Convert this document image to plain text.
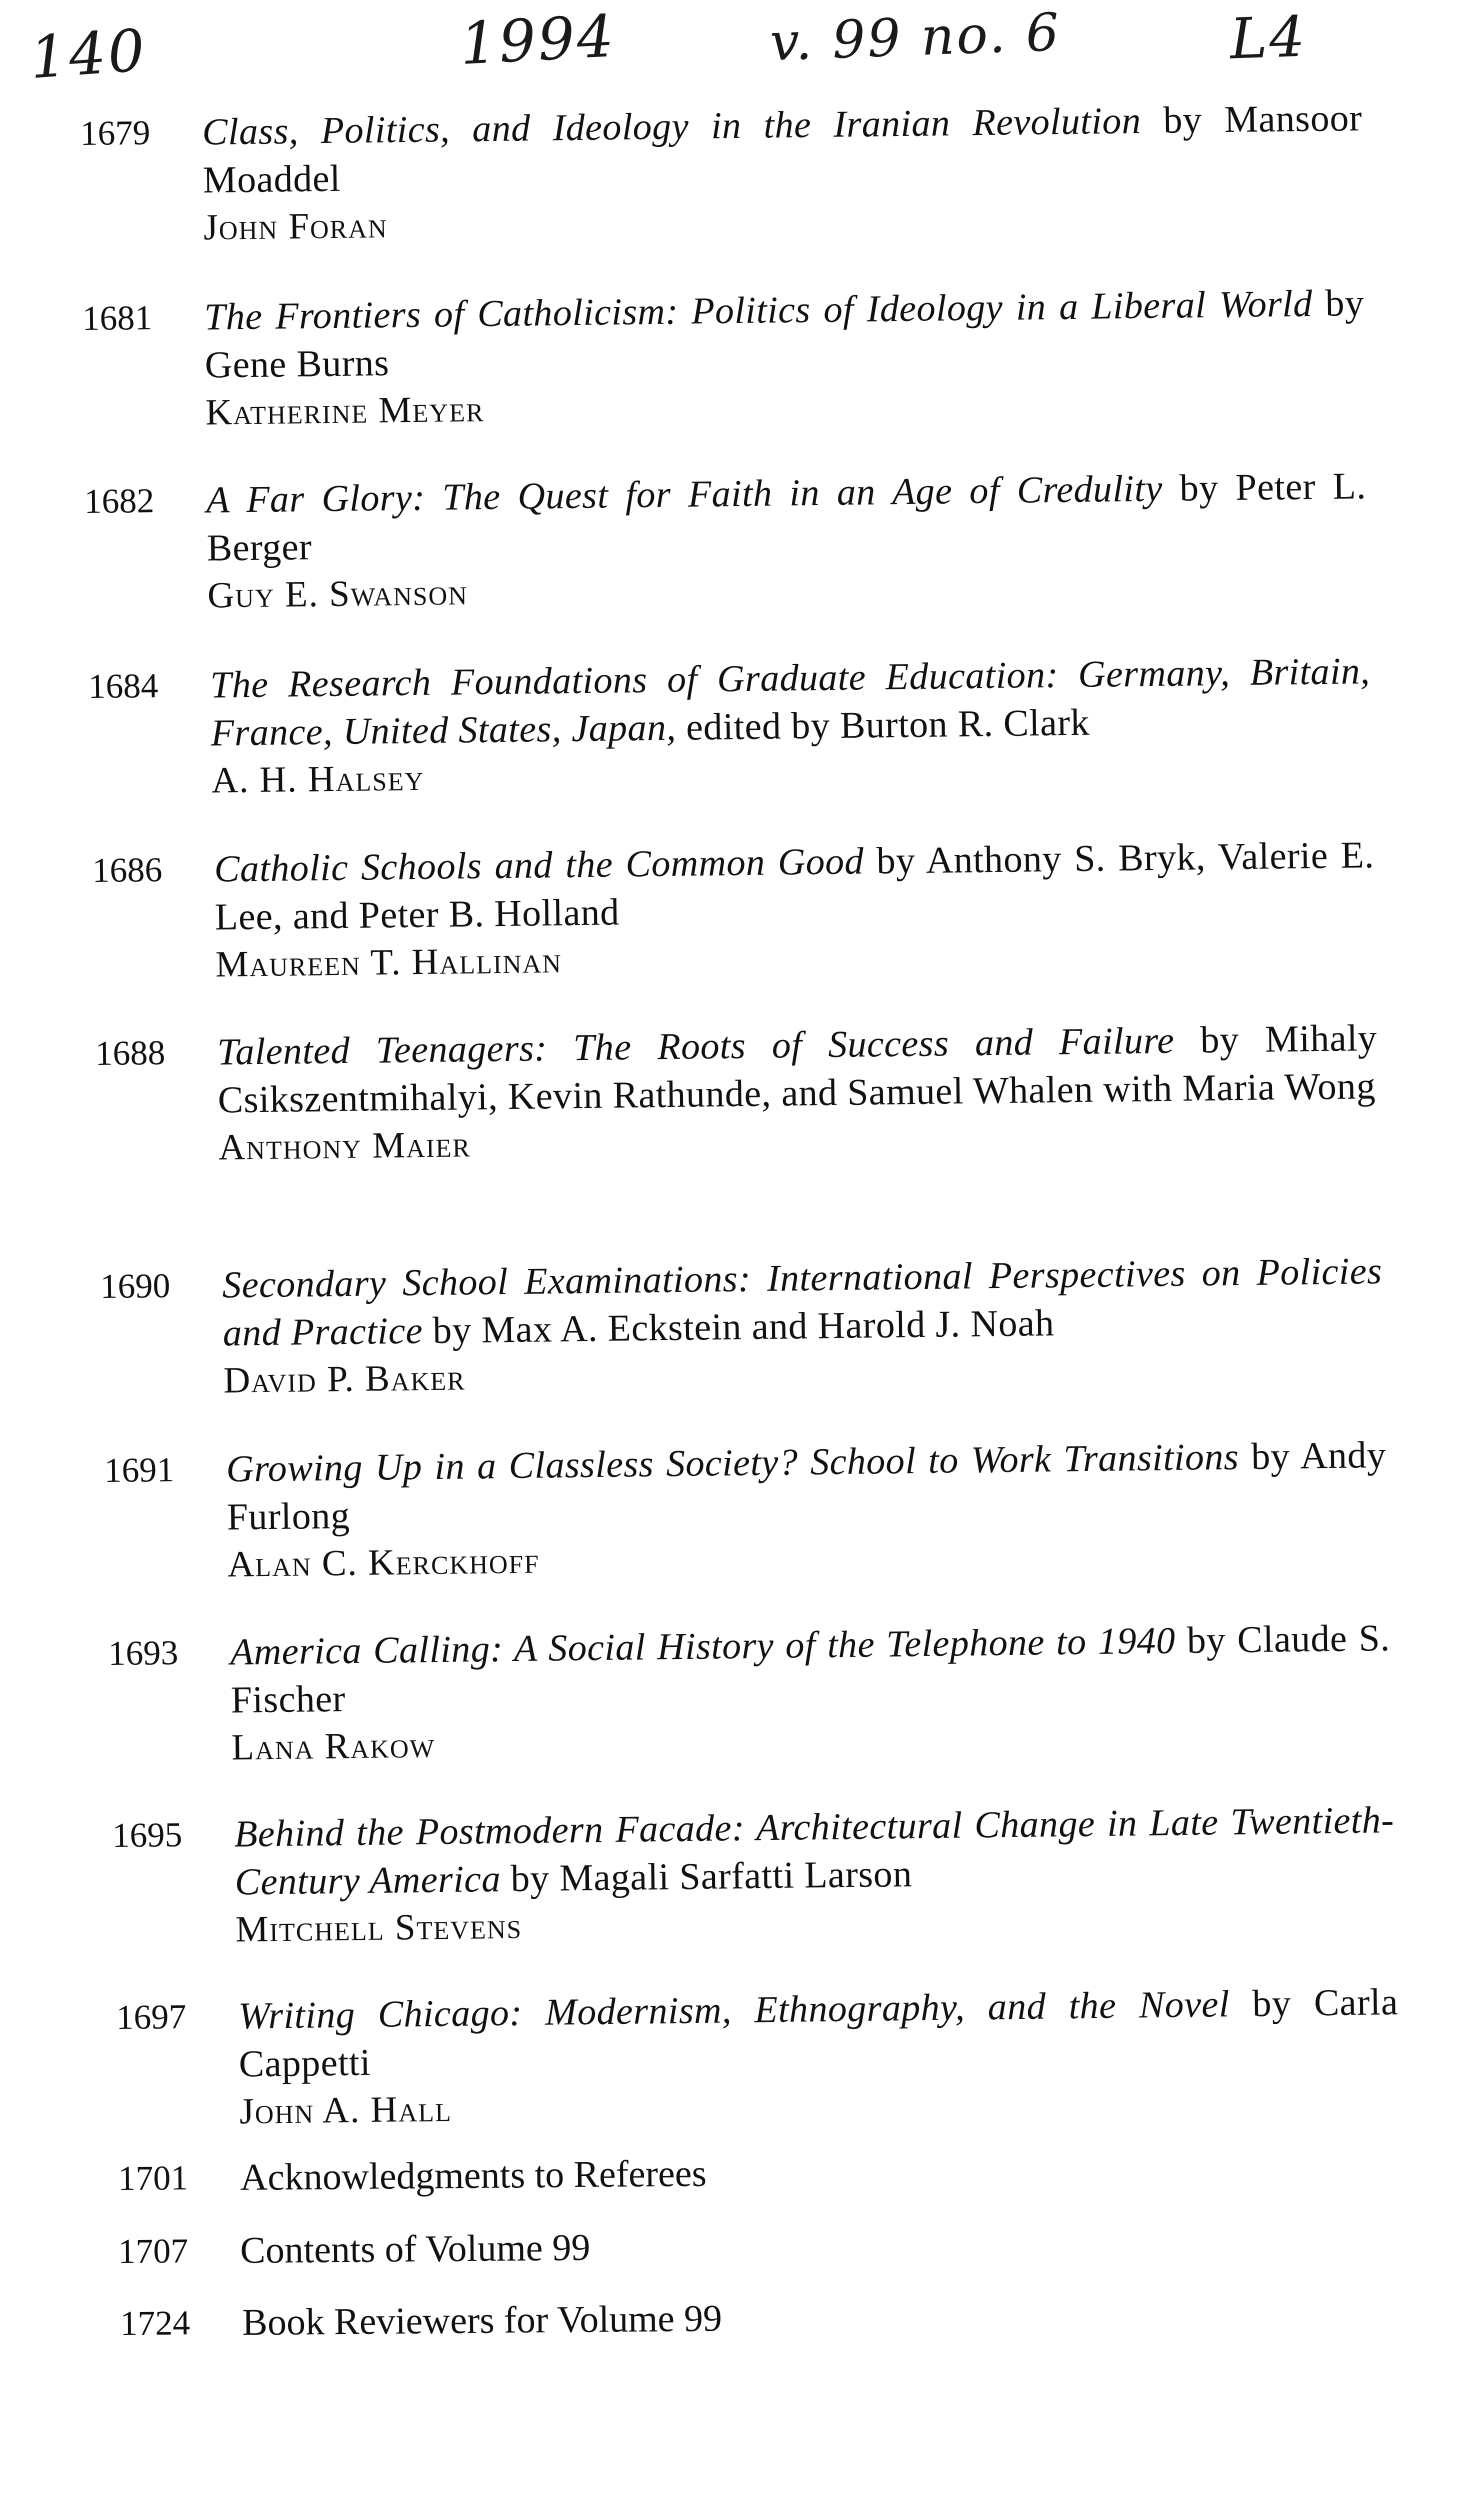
140	1994	v. 99 no. 6	L4
1679	Class, Politics, and Ideology in the Iranian Revolution by Mansoor Moaddel
John Foran
1681	The Frontiers of Catholicism: Politics of Ideology in a Liberal World by Gene Burns
Katherine Meyer
1682	A Far Glory: The Quest for Faith in an Age of Credulity by Peter L. Berger
Guy E. Swanson
1684	The Research Foundations of Graduate Education: Germany, Britain, France, United States, Japan, edited by Burton R. Clark
A. H. Halsey
1686	Catholic Schools and the Common Good by Anthony S. Bryk, Valerie E. Lee, and Peter B. Holland
Maureen T. Hallinan
1688	Talented Teenagers: The Roots of Success and Failure by Mihaly Csikszentmihalyi, Kevin Rathunde, and Samuel Whalen with Maria Wong
Anthony Maier
1690	Secondary School Examinations: International Perspectives on Policies and Practice by Max A. Eckstein and Harold J. Noah
David P. Baker
1691	Growing Up in a Classless Society? School to Work Transitions by Andy Furlong
Alan C. Kerckhoff
1693	America Calling: A Social History of the Telephone to 1940 by Claude S. Fischer
Lana Rakow
1695	Behind the Postmodern Facade: Architectural Change in Late Twentieth-Century America by Magali Sarfatti Larson
Mitchell Stevens
1697	Writing Chicago: Modernism, Ethnography, and the Novel by Carla Cappetti
John A. Hall
1701	Acknowledgments to Referees
1707	Contents of Volume 99
1724	Book Reviewers for Volume 99
